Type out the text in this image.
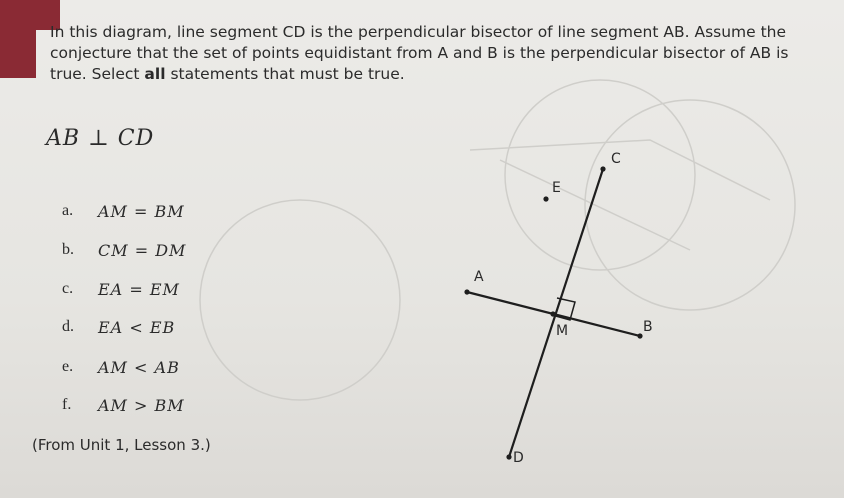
In this diagram, line segment CD is the perpendicular bisector of line segment AB. Assume the
conjecture that the set of points equidistant from A and B is the perpendicular bisector of AB is
true. Select all statements that must be true.
AB ⊥ CD
a. AM = BM
b. CM = DM
c. EA = EM
d. EA < EB
e. AM < AB
f. AM > BM
(From Unit 1, Lesson 3.)
C
E
A
M	B
D
